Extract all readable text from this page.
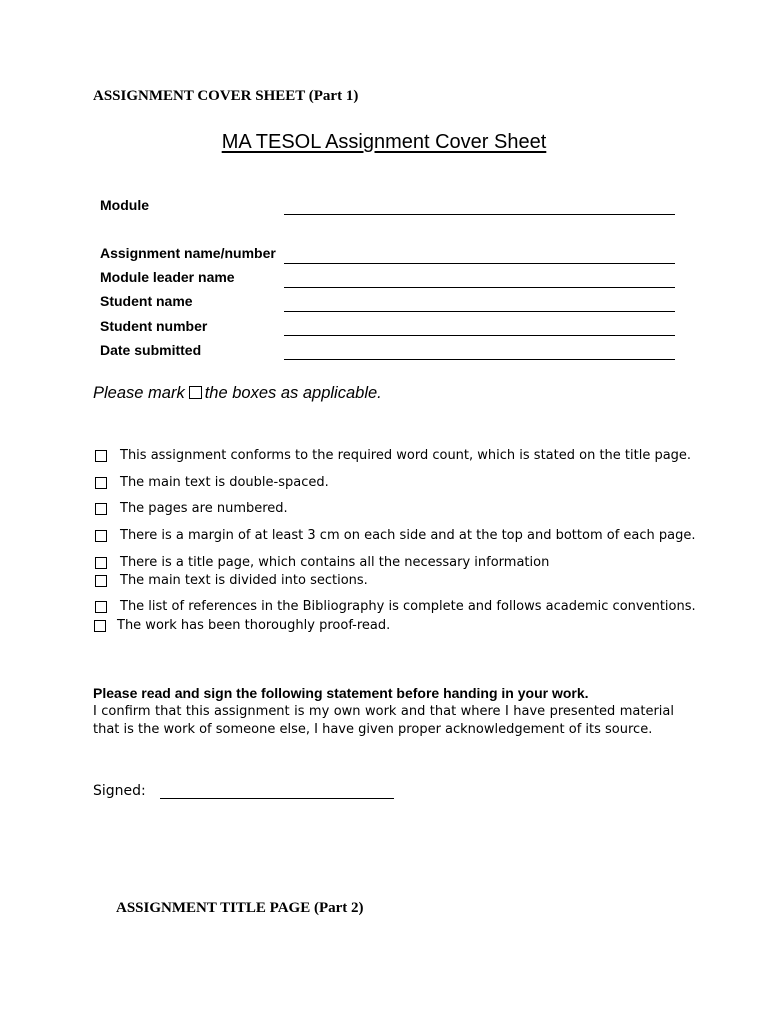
ASSIGNMENT COVER SHEET (Part 1)
MA TESOL Assignment Cover Sheet
Module
Assignment name/number
Module leader name
Student name
Student number
Date submitted
Please mark the boxes as applicable.
This assignment conforms to the required word count, which is stated on the title page.
The main text is double-spaced.
The pages are numbered.
There is a margin of at least 3 cm on each side and at the top and bottom of each page.
There is a title page, which contains all the necessary information
The main text is divided into sections.
The list of references in the Bibliography is complete and follows academic conventions.
The work has been thoroughly proof-read.
Please read and sign the following statement before handing in your work.
I confirm that this assignment is my own work and that where I have presented material that is the work of someone else, I have given proper acknowledgement of its source.
Signed:
ASSIGNMENT TITLE PAGE (Part 2)
